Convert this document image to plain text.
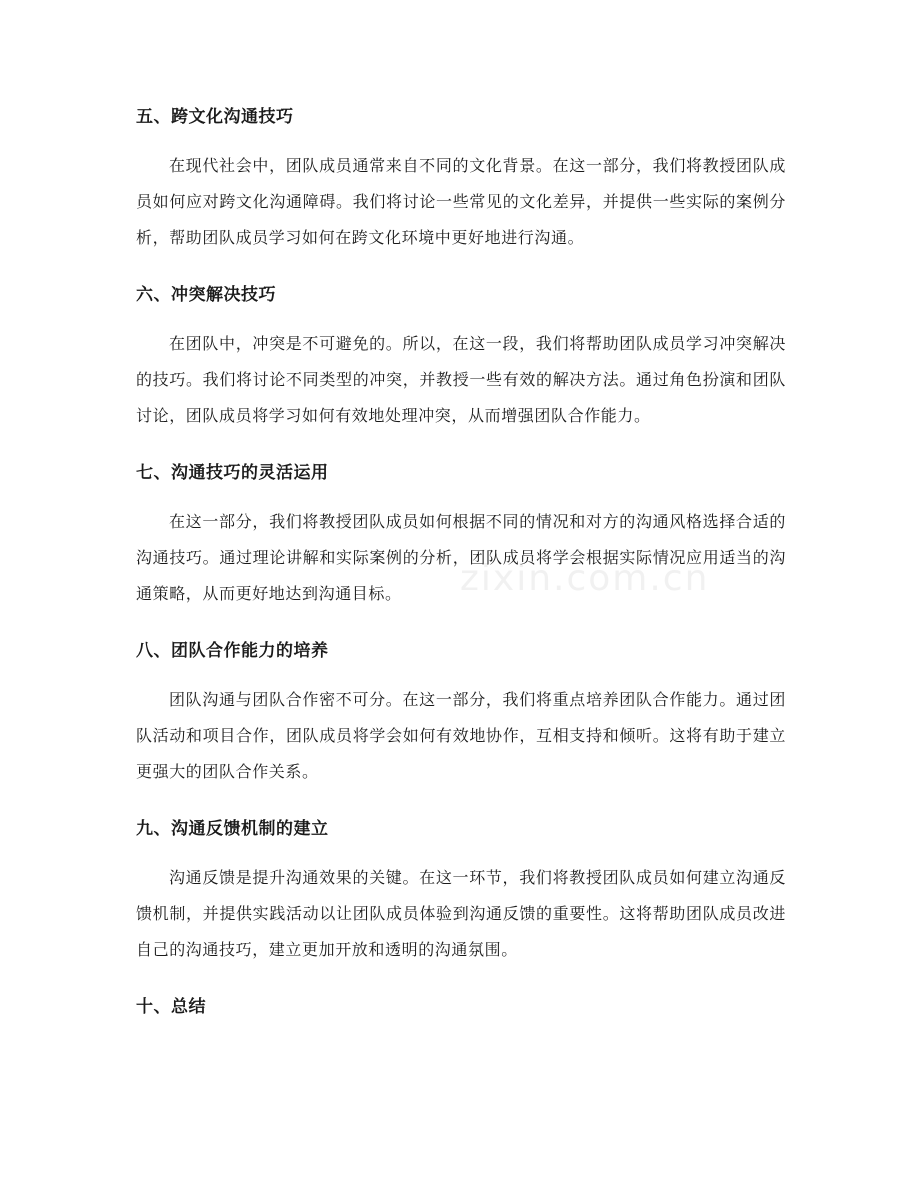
五、跨文化沟通技巧

在现代社会中，团队成员通常来自不同的文化背景。在这一部分，我们将教授团队成员如何应对跨文化沟通障碍。我们将讨论一些常见的文化差异，并提供一些实际的案例分析，帮助团队成员学习如何在跨文化环境中更好地进行沟通。

六、冲突解决技巧

在团队中，冲突是不可避免的。所以，在这一段，我们将帮助团队成员学习冲突解决的技巧。我们将讨论不同类型的冲突，并教授一些有效的解决方法。通过角色扮演和团队讨论，团队成员将学习如何有效地处理冲突，从而增强团队合作能力。

七、沟通技巧的灵活运用

在这一部分，我们将教授团队成员如何根据不同的情况和对方的沟通风格选择合适的沟通技巧。通过理论讲解和实际案例的分析，团队成员将学会根据实际情况应用适当的沟通策略，从而更好地达到沟通目标。

八、团队合作能力的培养

团队沟通与团队合作密不可分。在这一部分，我们将重点培养团队合作能力。通过团队活动和项目合作，团队成员将学会如何有效地协作，互相支持和倾听。这将有助于建立更强大的团队合作关系。

九、沟通反馈机制的建立

沟通反馈是提升沟通效果的关键。在这一环节，我们将教授团队成员如何建立沟通反馈机制，并提供实践活动以让团队成员体验到沟通反馈的重要性。这将帮助团队成员改进自己的沟通技巧，建立更加开放和透明的沟通氛围。

十、总结
zixin.com.cn
